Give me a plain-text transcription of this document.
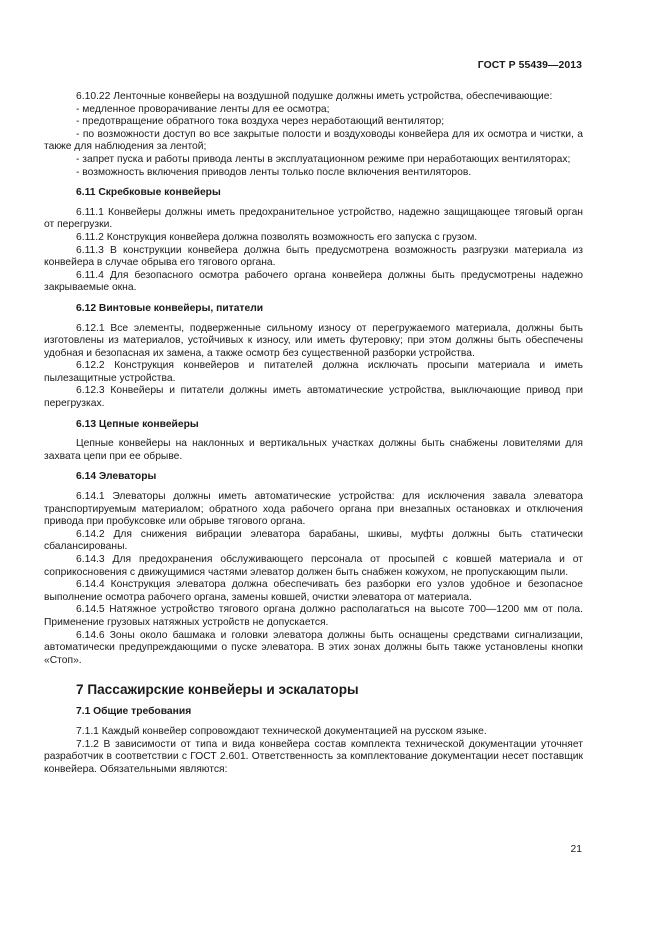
ГОСТ Р 55439—2013

6.10.22 Ленточные конвейеры на воздушной подушке должны иметь устройства, обеспечивающие:

- медленное проворачивание ленты для ее осмотра;

- предотвращение обратного тока воздуха через неработающий вентилятор;

- по возможности доступ во все закрытые полости и воздуховоды конвейера для их осмотра и чистки, а также для наблюдения за лентой;

- запрет пуска и работы привода ленты в эксплуатационном режиме при неработающих вентиляторах;

- возможность включения приводов ленты только после включения вентиляторов.

6.11 Скребковые конвейеры

6.11.1 Конвейеры должны иметь предохранительное устройство, надежно защищающее тяговый орган от перегрузки.

6.11.2 Конструкция конвейера должна позволять возможность его запуска с грузом.

6.11.3 В конструкции конвейера должна быть предусмотрена возможность разгрузки материала из конвейера в случае обрыва его тягового органа.

6.11.4 Для безопасного осмотра рабочего органа конвейера должны быть предусмотрены надежно закрываемые окна.

6.12 Винтовые конвейеры, питатели

6.12.1 Все элементы, подверженные сильному износу от перегружаемого материала, должны быть изготовлены из материалов, устойчивых к износу, или иметь футеровку; при этом должны быть обеспечены удобная и безопасная их замена, а также осмотр без существенной разборки устройства.

6.12.2 Конструкция конвейеров и питателей должна исключать просыпи материала и иметь пылезащитные устройства.

6.12.3 Конвейеры и питатели должны иметь автоматические устройства, выключающие привод при перегрузках.

6.13 Цепные конвейеры

Цепные конвейеры на наклонных и вертикальных участках должны быть снабжены ловителями для захвата цепи при ее обрыве.

6.14 Элеваторы

6.14.1 Элеваторы должны иметь автоматические устройства: для исключения завала элеватора транспортируемым материалом; обратного хода рабочего органа при внезапных остановках и отключения привода при пробуксовке или обрыве тягового органа.

6.14.2 Для снижения вибрации элеватора барабаны, шкивы, муфты должны быть статически сбалансированы.

6.14.3 Для предохранения обслуживающего персонала от просыпей с ковшей материала и от соприкосновения с движущимися частями элеватор должен быть снабжен кожухом, не пропускающим пыли.

6.14.4 Конструкция элеватора должна обеспечивать без разборки его узлов удобное и безопасное выполнение осмотра рабочего органа, замены ковшей, очистки элеватора от материала.

6.14.5 Натяжное устройство тягового органа должно располагаться на высоте 700—1200 мм от пола. Применение грузовых натяжных устройств не допускается.

6.14.6 Зоны около башмака и головки элеватора должны быть оснащены средствами сигнализации, автоматически предупреждающими о пуске элеватора. В этих зонах должны быть также установлены кнопки «Стоп».

7 Пассажирские конвейеры и эскалаторы

7.1 Общие требования

7.1.1 Каждый конвейер сопровождают технической документацией на русском языке.

7.1.2 В зависимости от типа и вида конвейера состав комплекта технической документации уточняет разработчик в соответствии с ГОСТ 2.601. Ответственность за комплектование документации несет поставщик конвейера. Обязательными являются:

21
